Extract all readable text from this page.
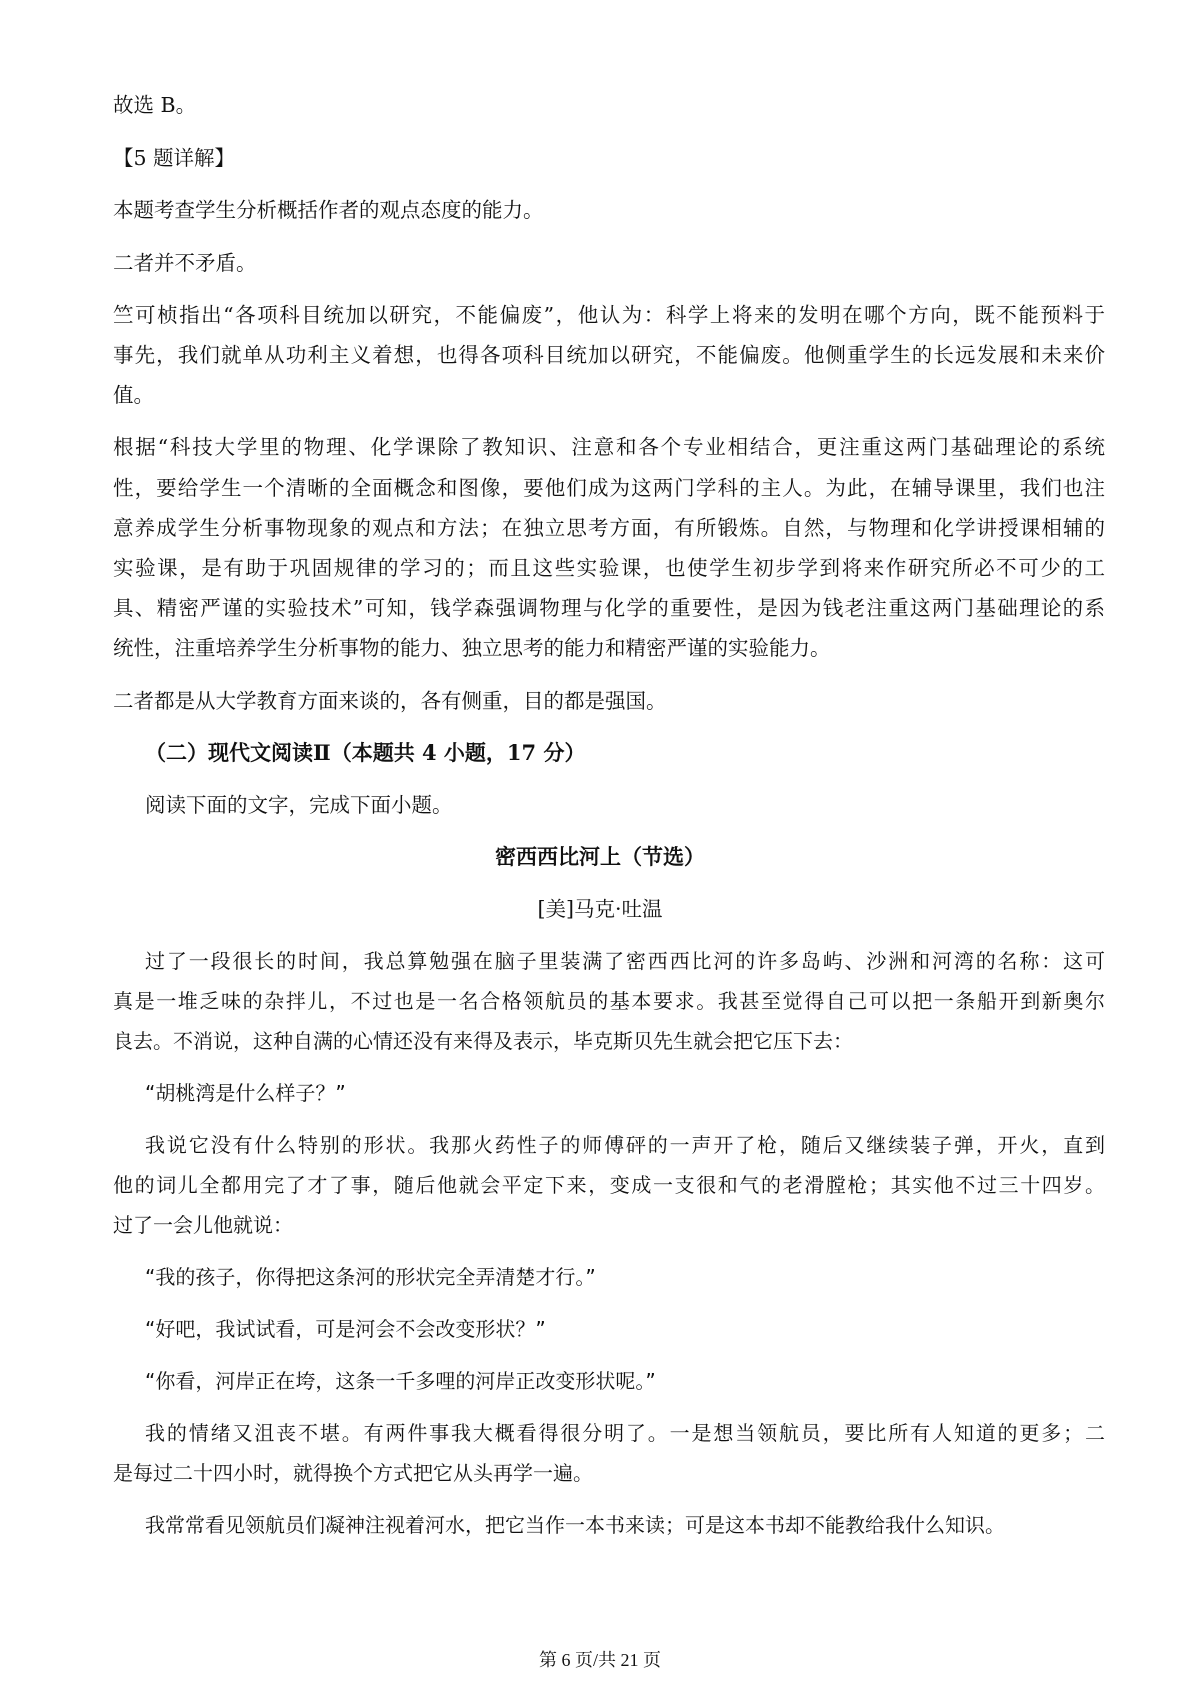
故选 B。
【5 题详解】
本题考查学生分析概括作者的观点态度的能力。
二者并不矛盾。
竺可桢指出“各项科目统加以研究，不能偏废”，他认为：科学上将来的发明在哪个方向，既不能预料于
事先，我们就单从功利主义着想，也得各项科目统加以研究，不能偏废。他侧重学生的长远发展和未来价
值。
根据“科技大学里的物理、化学课除了教知识、注意和各个专业相结合，更注重这两门基础理论的系统
性，要给学生一个清晰的全面概念和图像，要他们成为这两门学科的主人。为此，在辅导课里，我们也注
意养成学生分析事物现象的观点和方法；在独立思考方面，有所锻炼。自然，与物理和化学讲授课相辅的
实验课，是有助于巩固规律的学习的；而且这些实验课，也使学生初步学到将来作研究所必不可少的工
具、精密严谨的实验技术”可知，钱学森强调物理与化学的重要性，是因为钱老注重这两门基础理论的系
统性，注重培养学生分析事物的能力、独立思考的能力和精密严谨的实验能力。
二者都是从大学教育方面来谈的，各有侧重，目的都是强国。
（二）现代文阅读Ⅱ（本题共 4 小题，17 分）
阅读下面的文字，完成下面小题。
密西西比河上（节选）
[美]马克·吐温
过了一段很长的时间，我总算勉强在脑子里装满了密西西比河的许多岛屿、沙洲和河湾的名称：这可
真是一堆乏味的杂拌儿，不过也是一名合格领航员的基本要求。我甚至觉得自己可以把一条船开到新奥尔
良去。不消说，这种自满的心情还没有来得及表示，毕克斯贝先生就会把它压下去：
“胡桃湾是什么样子？”
我说它没有什么特别的形状。我那火药性子的师傅砰的一声开了枪，随后又继续装子弹，开火，直到
他的词儿全都用完了才了事，随后他就会平定下来，变成一支很和气的老滑膛枪；其实他不过三十四岁。
过了一会儿他就说：
“我的孩子，你得把这条河的形状完全弄清楚才行。”
“好吧，我试试看，可是河会不会改变形状？”
“你看，河岸正在垮，这条一千多哩的河岸正改变形状呢。”
我的情绪又沮丧不堪。有两件事我大概看得很分明了。一是想当领航员，要比所有人知道的更多；二
是每过二十四小时，就得换个方式把它从头再学一遍。
我常常看见领航员们凝神注视着河水，把它当作一本书来读；可是这本书却不能教给我什么知识。
第 6 页/共 21 页
